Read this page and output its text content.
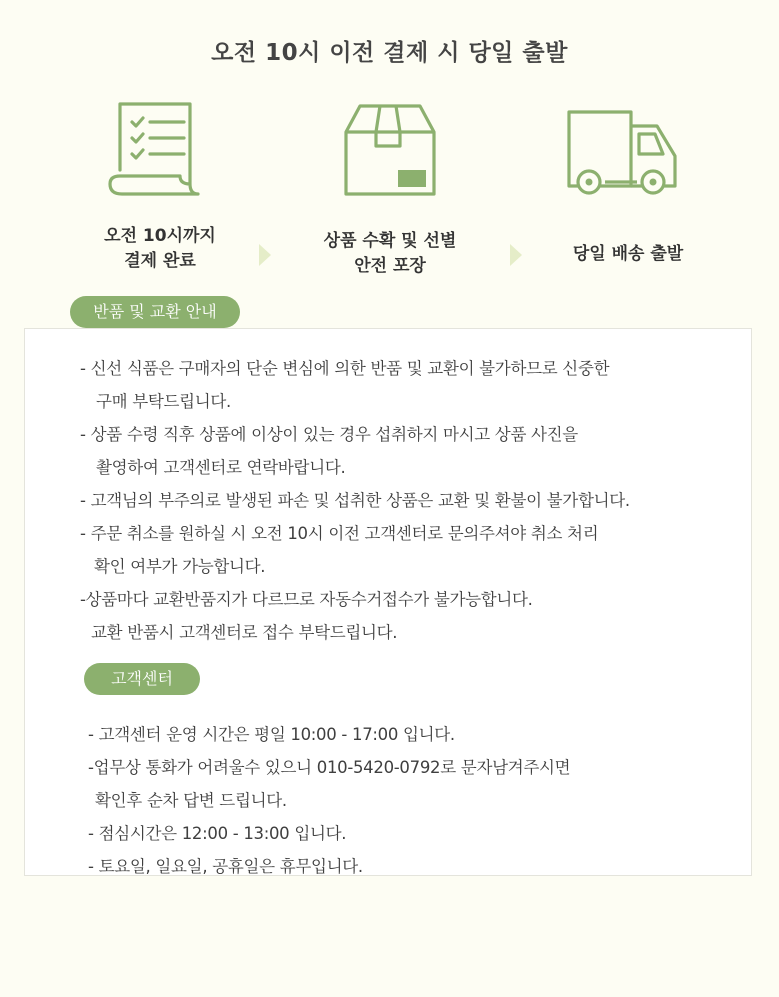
오전 10시 이전 결제 시 당일 출발
오전 10시까지
결제 완료
상품 수확 및 선별
안전 포장
당일 배송 출발
반품 및 교환 안내
- 신선 식품은 구매자의 단순 변심에 의한 반품 및 교환이 불가하므로 신중한
구매 부탁드립니다.
- 상품 수령 직후 상품에 이상이 있는 경우 섭취하지 마시고 상품 사진을
촬영하여 고객센터로 연락바랍니다.
- 고객님의 부주의로 발생된 파손 및 섭취한 상품은 교환 및 환불이 불가합니다.
- 주문 취소를 원하실 시 오전 10시 이전 고객센터로 문의주셔야 취소 처리
확인 여부가 가능합니다.
-상품마다 교환반품지가 다르므로 자동수거접수가 불가능합니다.
교환 반품시 고객센터로 접수 부탁드립니다.
고객센터
- 고객센터 운영 시간은 평일 10:00 - 17:00 입니다.
-업무상 통화가 어려울수 있으니 010-5420-0792로 문자남겨주시면
확인후 순차 답변 드립니다.
- 점심시간은 12:00 - 13:00 입니다.
- 토요일, 일요일, 공휴일은 휴무입니다.
